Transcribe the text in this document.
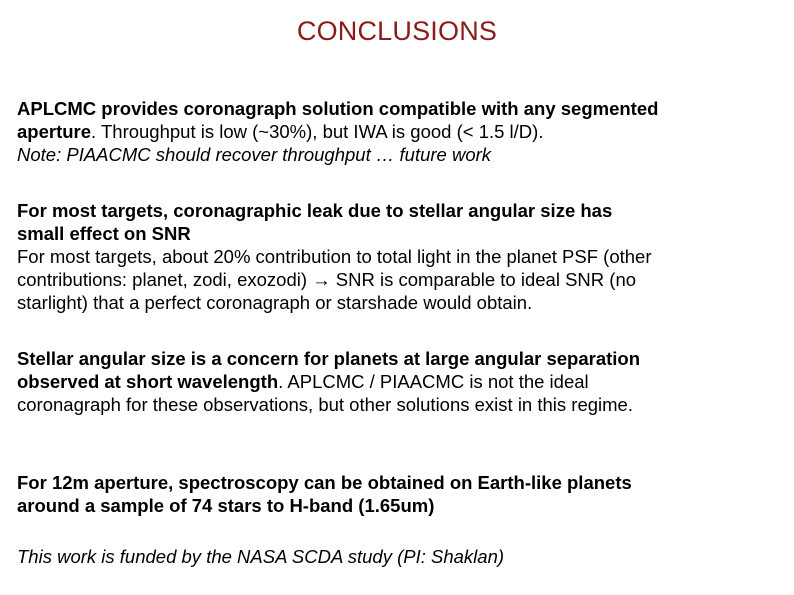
CONCLUSIONS
APLCMC provides coronagraph solution compatible with any segmented
aperture. Throughput is low (~30%), but IWA is good (< 1.5 l/D).
Note: PIAACMC should recover throughput … future work
For most targets, coronagraphic leak due to stellar angular size has
small effect on SNR
For most targets, about 20% contribution to total light in the planet PSF (other
contributions: planet, zodi, exozodi) → SNR is comparable to ideal SNR (no
starlight) that a perfect coronagraph or starshade would obtain.
Stellar angular size is a concern for planets at large angular separation
observed at short wavelength. APLCMC / PIAACMC is not the ideal
coronagraph for these observations, but other solutions exist in this regime.
For 12m aperture, spectroscopy can be obtained on Earth-like planets
around a sample of 74 stars to H-band (1.65um)
This work is funded by the NASA SCDA study (PI: Shaklan)
